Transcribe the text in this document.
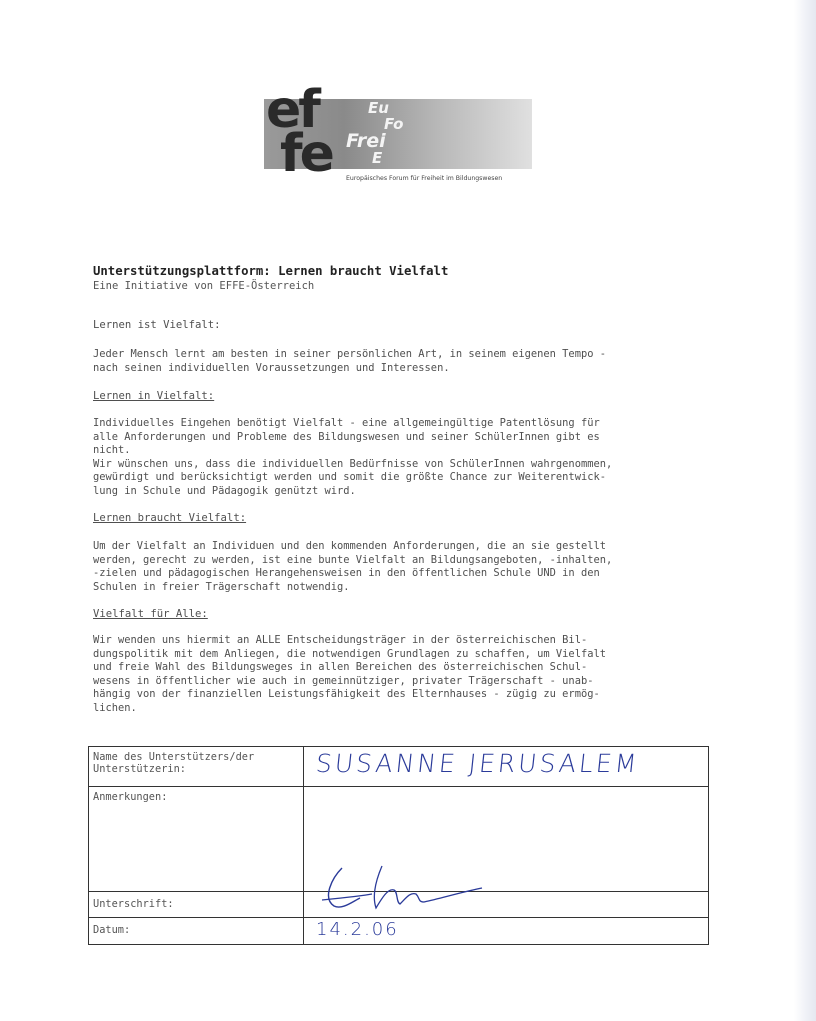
ef
fe
Eu
Fo
Frei
E
Europäisches Forum für Freiheit im Bildungswesen
Unterstützungsplattform: Lernen braucht Vielfalt
Eine Initiative von EFFE-Österreich
Lernen ist Vielfalt:
Jeder Mensch lernt am besten in seiner persönlichen Art, in seinem eigenen Tempo -
nach seinen individuellen Voraussetzungen und Interessen.
Lernen in Vielfalt:
Individuelles Eingehen benötigt Vielfalt - eine allgemeingültige Patentlösung für
alle Anforderungen und Probleme des Bildungswesen und seiner SchülerInnen gibt es
nicht.
Wir wünschen uns, dass die individuellen Bedürfnisse von SchülerInnen wahrgenommen,
gewürdigt und berücksichtigt werden und somit die größte Chance zur Weiterentwick-
lung in Schule und Pädagogik genützt wird.
Lernen braucht Vielfalt:
Um der Vielfalt an Individuen und den kommenden Anforderungen, die an sie gestellt
werden, gerecht zu werden, ist eine bunte Vielfalt an Bildungsangeboten, -inhalten,
-zielen und pädagogischen Herangehensweisen in den öffentlichen Schule UND in den
Schulen in freier Trägerschaft notwendig.
Vielfalt für Alle:
Wir wenden uns hiermit an ALLE Entscheidungsträger in der österreichischen Bil-
dungspolitik mit dem Anliegen, die notwendigen Grundlagen zu schaffen, um Vielfalt
und freie Wahl des Bildungsweges in allen Bereichen des österreichischen Schul-
wesens in öffentlicher wie auch in gemeinnütziger, privater Trägerschaft - unab-
hängig von der finanziellen Leistungsfähigkeit des Elternhauses - zügig zu ermög-
lichen.
Name des Unterstützers/der
Unterstützerin:	SUSANNE JERUSALEM
Anmerkungen:	
Unterschrift:	

Datum:	14.2.06
